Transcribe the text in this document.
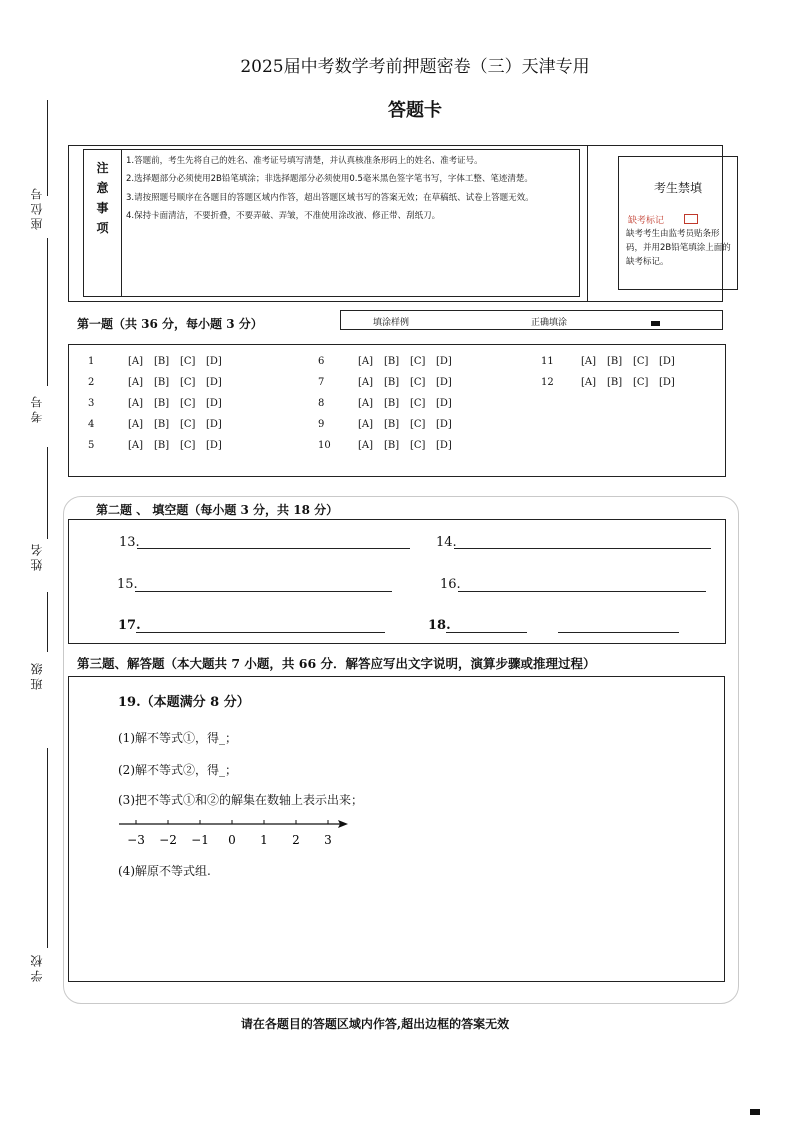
2025届中考数学考前押题密卷（三）天津专用
答题卡
座位号
考号
姓名
班级
学校
注意事项
1.答题前，考生先将自己的姓名、准考证号填写清楚，并认真核准条形码上的姓名、准考证号。
2.选择题部分必须使用2B铅笔填涂；非选择题部分必须使用0.5毫米黑色签字笔书写，字体工整、笔迹清楚。
3.请按照题号顺序在各题目的答题区域内作答，超出答题区域书写的答案无效；在草稿纸、试卷上答题无效。
4.保持卡面清洁，不要折叠，不要弄破、弄皱，不准使用涂改液、修正带、刮纸刀。
考生禁填
缺考标记
缺考考生由监考员贴条形码，并用2B铅笔填涂上面的缺考标记。
第一题（共 36 分，每小题 3 分）	填涂样例	正确填涂
1	[A] [B] [C] [D]
2	[A] [B] [C] [D]
3	[A] [B] [C] [D]
4	[A] [B] [C] [D]
5	[A] [B] [C] [D]
6	[A] [B] [C] [D]
7	[A] [B] [C] [D]
8	[A] [B] [C] [D]
9	[A] [B] [C] [D]
10	[A] [B] [C] [D]
11	[A] [B] [C] [D]
12	[A] [B] [C] [D]
第二题 、 填空题（每小题 3 分，共 18 分）
13.	14.
15.	16.
17.	18.
第三题、解答题（本大题共 7 小题，共 66 分．解答应写出文字说明，演算步骤或推理过程）
19.（本题满分 8 分）
(1)解不等式①，得_；
(2)解不等式②，得_；
(3)把不等式①和②的解集在数轴上表示出来；
−3 −2 −1 0 1 2 3
(4)解原不等式组.
请在各题目的答题区域内作答,超出边框的答案无效
